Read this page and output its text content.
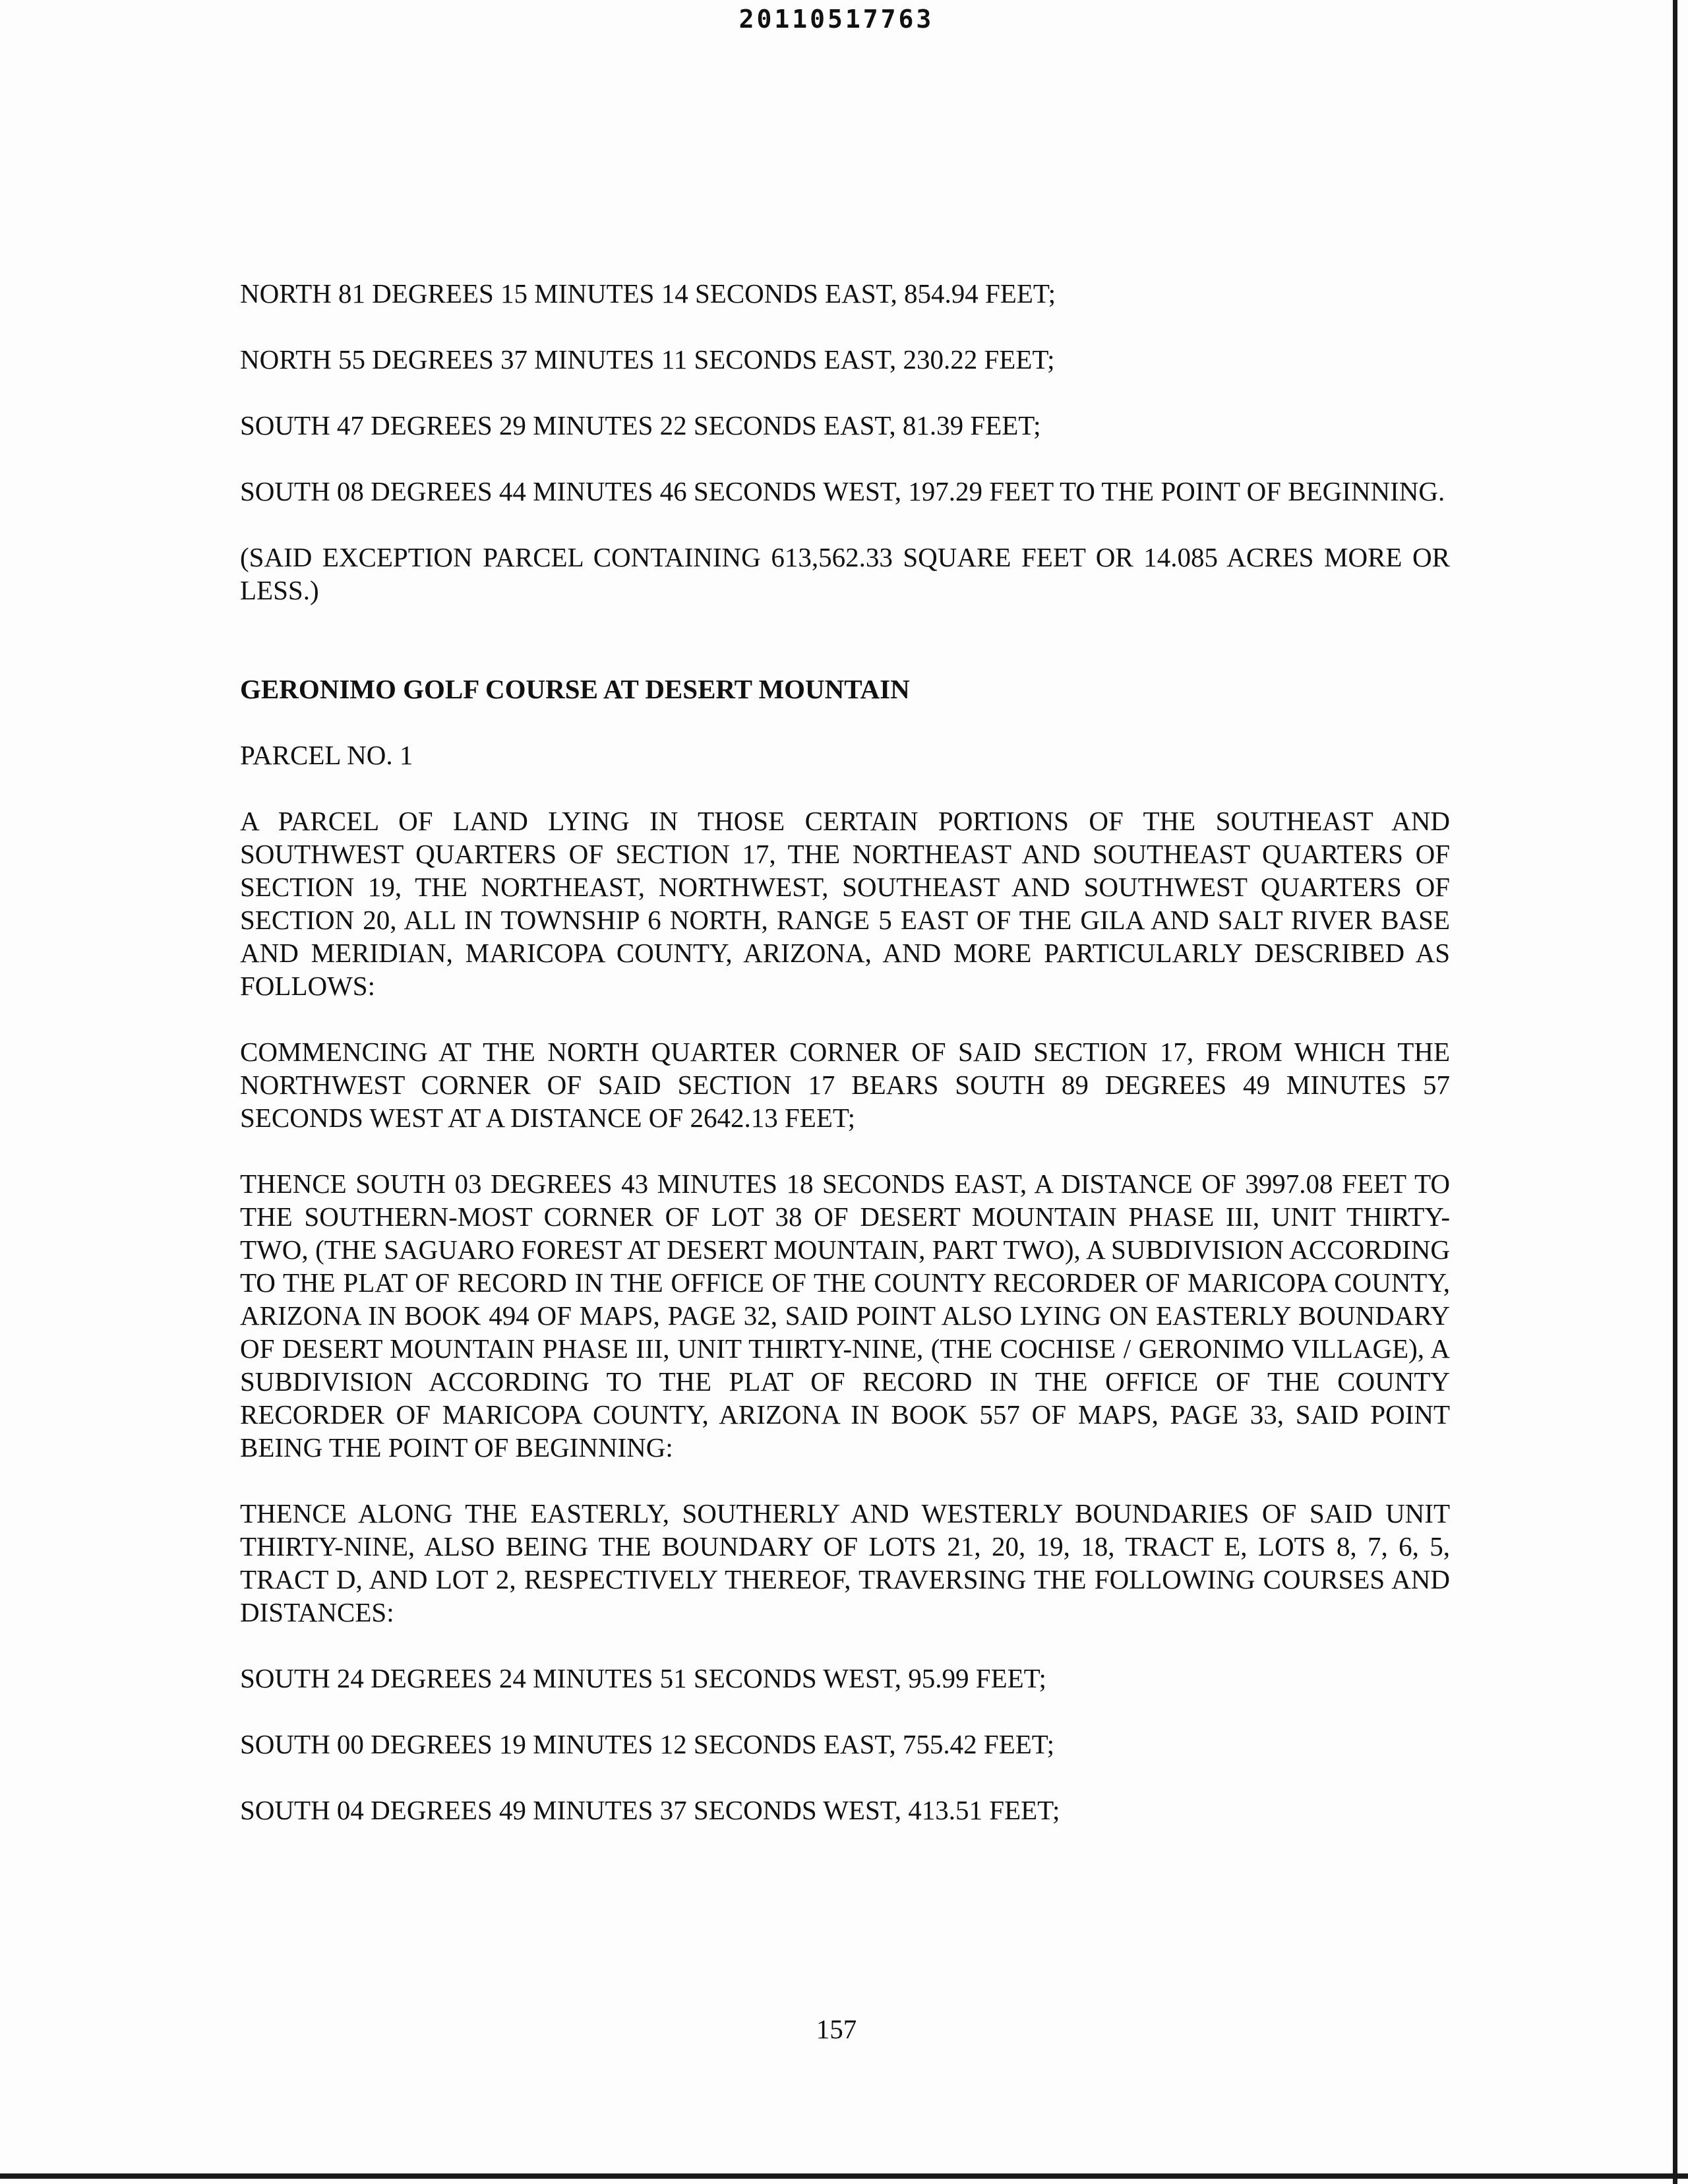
20110517763

NORTH 81 DEGREES 15 MINUTES 14 SECONDS EAST, 854.94 FEET;

NORTH 55 DEGREES 37 MINUTES 11 SECONDS EAST, 230.22 FEET;

SOUTH 47 DEGREES 29 MINUTES 22 SECONDS EAST, 81.39 FEET;

SOUTH 08 DEGREES 44 MINUTES 46 SECONDS WEST, 197.29 FEET TO THE POINT OF BEGINNING.

(SAID EXCEPTION PARCEL CONTAINING 613,562.33 SQUARE FEET OR 14.085 ACRES MORE OR LESS.)

GERONIMO GOLF COURSE AT DESERT MOUNTAIN

PARCEL NO. 1

A PARCEL OF LAND LYING IN THOSE CERTAIN PORTIONS OF THE SOUTHEAST AND SOUTHWEST QUARTERS OF SECTION 17, THE NORTHEAST AND SOUTHEAST QUARTERS OF SECTION 19, THE NORTHEAST, NORTHWEST, SOUTHEAST AND SOUTHWEST QUARTERS OF SECTION 20, ALL IN TOWNSHIP 6 NORTH, RANGE 5 EAST OF THE GILA AND SALT RIVER BASE AND MERIDIAN, MARICOPA COUNTY, ARIZONA, AND MORE PARTICULARLY DESCRIBED AS FOLLOWS:

COMMENCING AT THE NORTH QUARTER CORNER OF SAID SECTION 17, FROM WHICH THE NORTHWEST CORNER OF SAID SECTION 17 BEARS SOUTH 89 DEGREES 49 MINUTES 57 SECONDS WEST AT A DISTANCE OF 2642.13 FEET;

THENCE SOUTH 03 DEGREES 43 MINUTES 18 SECONDS EAST, A DISTANCE OF 3997.08 FEET TO THE SOUTHERN-MOST CORNER OF LOT 38 OF DESERT MOUNTAIN PHASE III, UNIT THIRTY-TWO, (THE SAGUARO FOREST AT DESERT MOUNTAIN, PART TWO), A SUBDIVISION ACCORDING TO THE PLAT OF RECORD IN THE OFFICE OF THE COUNTY RECORDER OF MARICOPA COUNTY, ARIZONA IN BOOK 494 OF MAPS, PAGE 32, SAID POINT ALSO LYING ON EASTERLY BOUNDARY OF DESERT MOUNTAIN PHASE III, UNIT THIRTY-NINE, (THE COCHISE / GERONIMO VILLAGE), A SUBDIVISION ACCORDING TO THE PLAT OF RECORD IN THE OFFICE OF THE COUNTY RECORDER OF MARICOPA COUNTY, ARIZONA IN BOOK 557 OF MAPS, PAGE 33, SAID POINT BEING THE POINT OF BEGINNING:

THENCE ALONG THE EASTERLY, SOUTHERLY AND WESTERLY BOUNDARIES OF SAID UNIT THIRTY-NINE, ALSO BEING THE BOUNDARY OF LOTS 21, 20, 19, 18, TRACT E, LOTS 8, 7, 6, 5, TRACT D, AND LOT 2, RESPECTIVELY THEREOF, TRAVERSING THE FOLLOWING COURSES AND DISTANCES:

SOUTH 24 DEGREES 24 MINUTES 51 SECONDS WEST, 95.99 FEET;

SOUTH 00 DEGREES 19 MINUTES 12 SECONDS EAST, 755.42 FEET;

SOUTH 04 DEGREES 49 MINUTES 37 SECONDS WEST, 413.51 FEET;

157
